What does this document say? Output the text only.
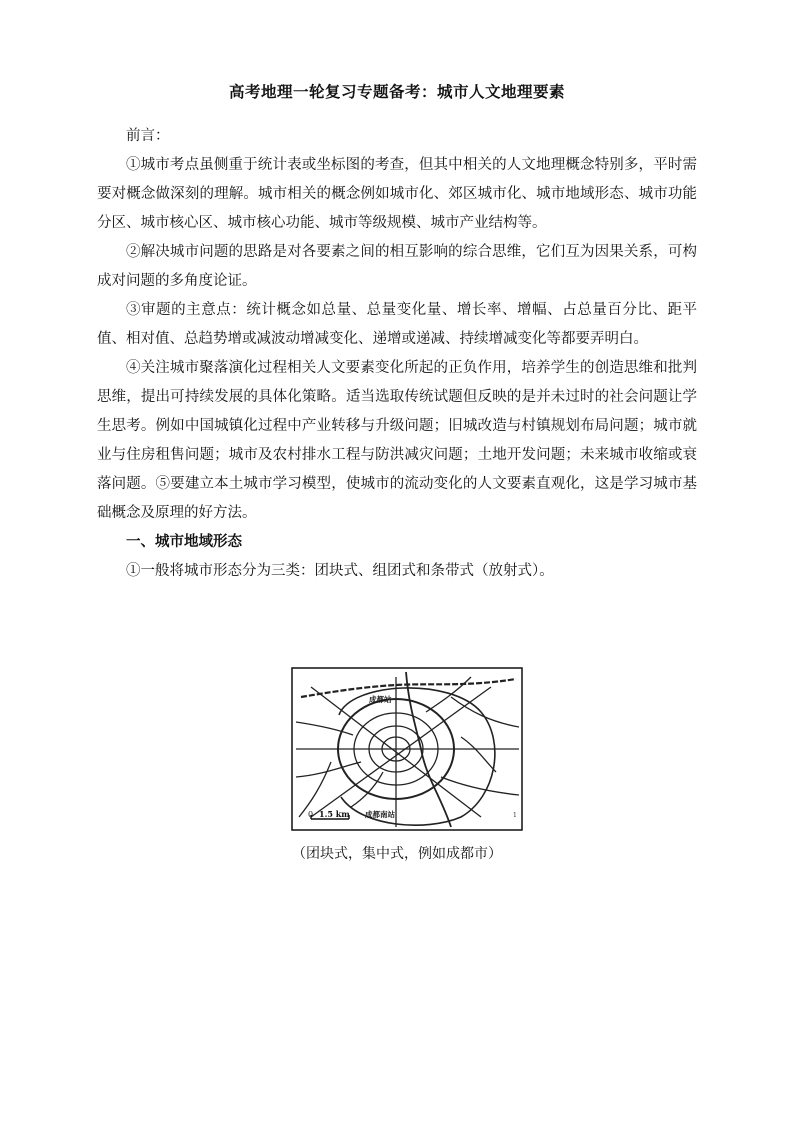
高考地理一轮复习专题备考：城市人文地理要素

前言：

①城市考点虽侧重于统计表或坐标图的考查，但其中相关的人文地理概念特别多，平时需要对概念做深刻的理解。城市相关的概念例如城市化、郊区城市化、城市地域形态、城市功能分区、城市核心区、城市核心功能、城市等级规模、城市产业结构等。

②解决城市问题的思路是对各要素之间的相互影响的综合思维，它们互为因果关系，可构成对问题的多角度论证。

③审题的主意点：统计概念如总量、总量变化量、增长率、增幅、占总量百分比、距平值、相对值、总趋势增或减波动增减变化、递增或递减、持续增减变化等都要弄明白。

④关注城市聚落演化过程相关人文要素变化所起的正负作用，培养学生的创造思维和批判思维，提出可持续发展的具体化策略。适当选取传统试题但反映的是并未过时的社会问题让学生思考。例如中国城镇化过程中产业转移与升级问题；旧城改造与村镇规划布局问题；城市就业与住房租售问题；城市及农村排水工程与防洪减灾问题；土地开发问题；未来城市收缩或衰落问题。⑤要建立本土城市学习模型，使城市的流动变化的人文要素直观化，这是学习城市基础概念及原理的好方法。

一、城市地域形态

①一般将城市形态分为三类：团块式、组团式和条带式（放射式）。

成都站
成都南站
0 1.5 km	1
（团块式，集中式，例如成都市）
